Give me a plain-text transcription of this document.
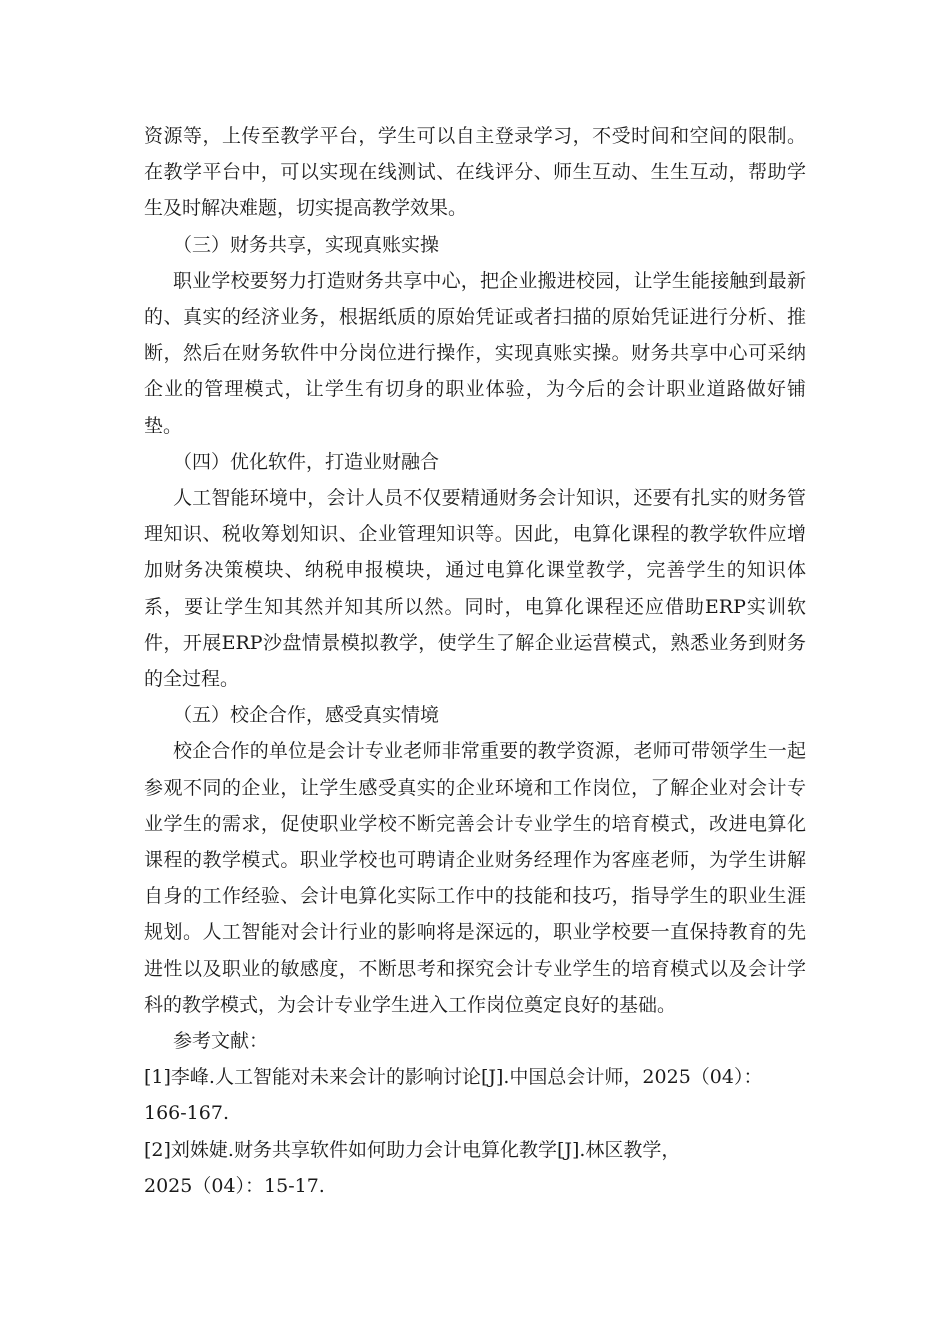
资源等，上传至教学平台，学生可以自主登录学习，不受时间和空间的限制。在教学平台中，可以实现在线测试、在线评分、师生互动、生生互动，帮助学生及时解决难题，切实提高教学效果。

（三）财务共享，实现真账实操

职业学校要努力打造财务共享中心，把企业搬进校园，让学生能接触到最新的、真实的经济业务，根据纸质的原始凭证或者扫描的原始凭证进行分析、推断，然后在财务软件中分岗位进行操作，实现真账实操。财务共享中心可采纳企业的管理模式，让学生有切身的职业体验，为今后的会计职业道路做好铺垫。

（四）优化软件，打造业财融合

人工智能环境中，会计人员不仅要精通财务会计知识，还要有扎实的财务管理知识、税收筹划知识、企业管理知识等。因此，电算化课程的教学软件应增加财务决策模块、纳税申报模块，通过电算化课堂教学，完善学生的知识体系，要让学生知其然并知其所以然。同时，电算化课程还应借助ERP实训软件，开展ERP沙盘情景模拟教学，使学生了解企业运营模式，熟悉业务到财务的全过程。

（五）校企合作，感受真实情境

校企合作的单位是会计专业老师非常重要的教学资源，老师可带领学生一起参观不同的企业，让学生感受真实的企业环境和工作岗位，了解企业对会计专业学生的需求，促使职业学校不断完善会计专业学生的培育模式，改进电算化课程的教学模式。职业学校也可聘请企业财务经理作为客座老师，为学生讲解自身的工作经验、会计电算化实际工作中的技能和技巧，指导学生的职业生涯规划。人工智能对会计行业的影响将是深远的，职业学校要一直保持教育的先进性以及职业的敏感度，不断思考和探究会计专业学生的培育模式以及会计学科的教学模式，为会计专业学生进入工作岗位奠定良好的基础。

参考文献：

[1]李峰.人工智能对未来会计的影响讨论[J].中国总会计师，2025（04）：

166-167.

[2]刘姝婕.财务共享软件如何助力会计电算化教学[J].林区教学，

2025（04）：15-17.
